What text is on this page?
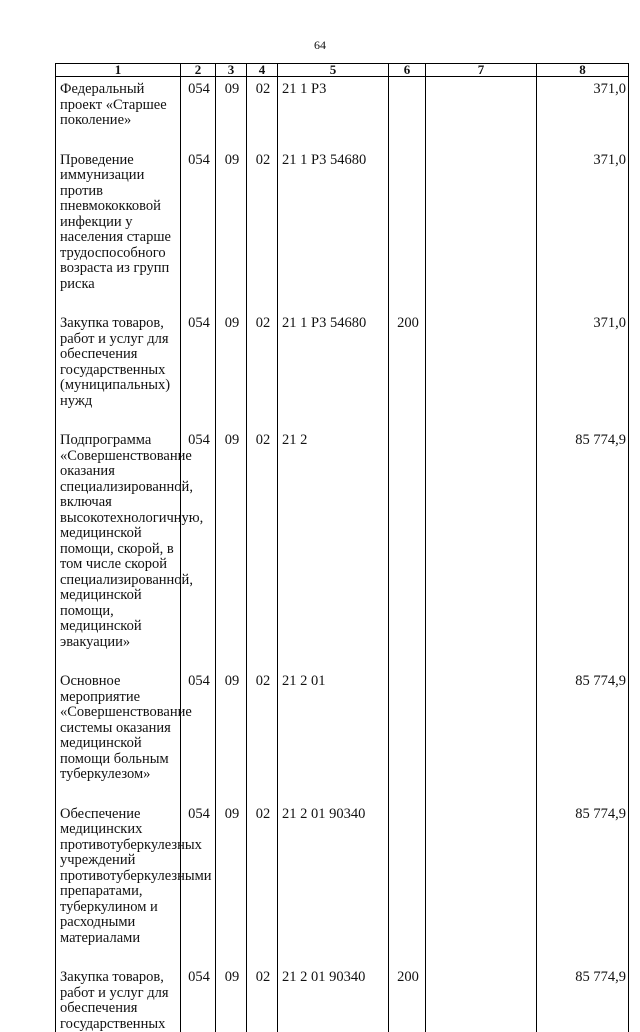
64
1	2	3	4	5	6	7	8
Федеральный проект «Старшее поколение»	054	09	02	21 1 P3			371,0
Проведение иммунизации против пневмококковой инфекции у населения старше трудоспособного возраста из групп риска	054	09	02	21 1 P3 54680			371,0
Закупка товаров, работ и услуг для обеспечения государственных (муниципальных) нужд	054	09	02	21 1 P3 54680	200		371,0
Подпрограмма «Совершенствование оказания специализированной, включая высокотехнологичную, медицинской помощи, скорой, в том числе скорой специализированной, медицинской помощи, медицинской эвакуации»	054	09	02	21 2			85 774,9
Основное мероприятие «Совершенствование системы оказания медицинской помощи больным туберкулезом»	054	09	02	21 2 01			85 774,9
Обеспечение медицинских противотуберкулезных учреждений противотуберкулезными препаратами, туберкулином и расходными материалами	054	09	02	21 2 01 90340			85 774,9
Закупка товаров, работ и услуг для обеспечения государственных	054	09	02	21 2 01 90340	200		85 774,9
